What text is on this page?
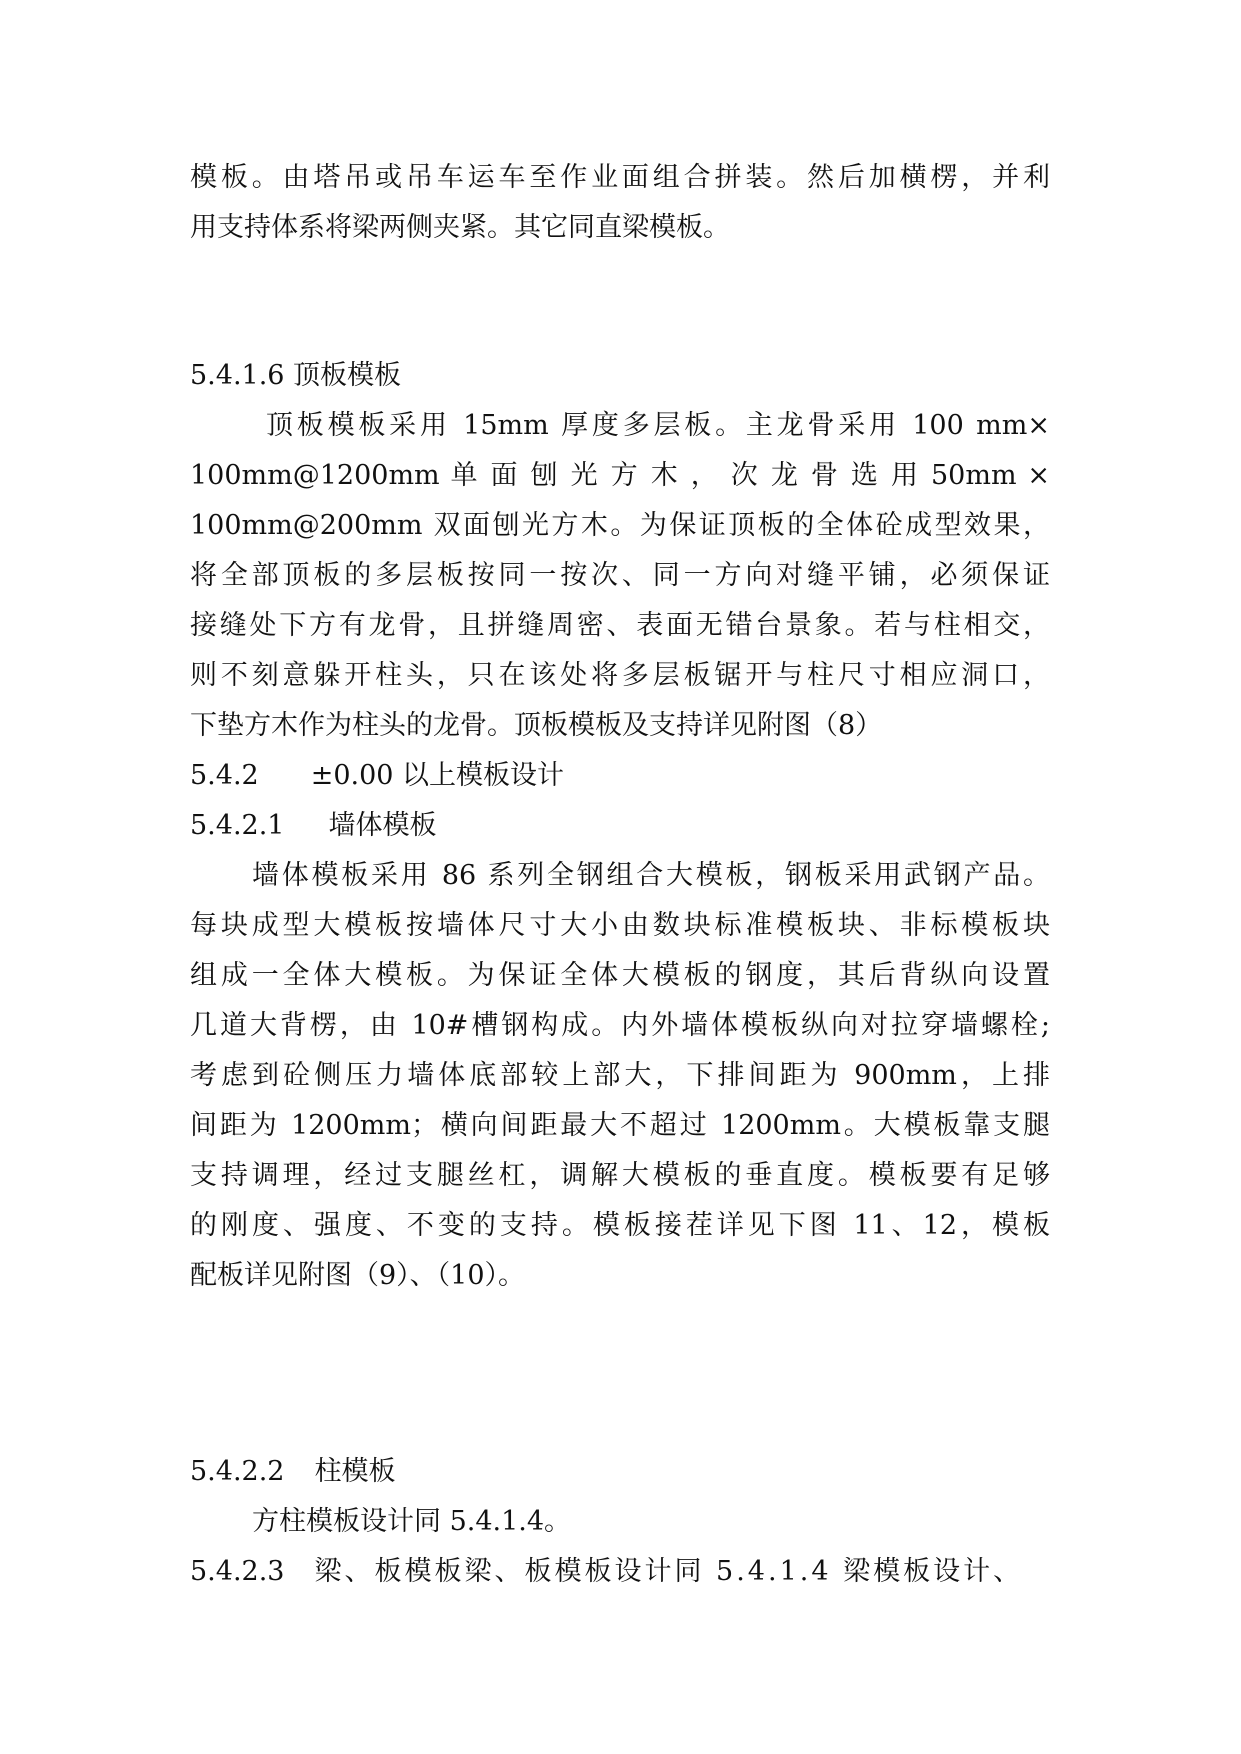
模板。由塔吊或吊车运车至作业面组合拼装。然后加横楞，并利
用支持体系将梁两侧夹紧。其它同直梁模板。
5.4.1.6 顶板模板
顶板模板采用 15mm 厚度多层板。主龙骨采用 100 mm×
100mm@1200mm 单 面 刨 光 方 木 ， 次 龙 骨 选 用 50mm ×
100mm@200mm 双面刨光方木。为保证顶板的全体砼成型效果，
将全部顶板的多层板按同一按次、同一方向对缝平铺，必须保证
接缝处下方有龙骨，且拼缝周密、表面无错台景象。若与柱相交，
则不刻意躲开柱头，只在该处将多层板锯开与柱尺寸相应洞口，
下垫方木作为柱头的龙骨。顶板模板及支持详见附图（8）
5.4.2 ±0.00 以上模板设计
5.4.2.1 墙体模板
墙体模板采用 86 系列全钢组合大模板，钢板采用武钢产品。
每块成型大模板按墙体尺寸大小由数块标准模板块、非标模板块
组成一全体大模板。为保证全体大模板的钢度，其后背纵向设置
几道大背楞，由 10#槽钢构成。内外墙体模板纵向对拉穿墙螺栓;
考虑到砼侧压力墙体底部较上部大，下排间距为 900mm，上排
间距为 1200mm；横向间距最大不超过 1200mm。大模板靠支腿
支持调理，经过支腿丝杠，调解大模板的垂直度。模板要有足够
的刚度、强度、不变的支持。模板接茬详见下图 11、12，模板
配板详见附图（9）、（10）。
5.4.2.2 柱模板
方柱模板设计同 5.4.1.4。
5.4.2.3 梁、板模板梁、板模板设计同 5.4.1.4 梁模板设计、
